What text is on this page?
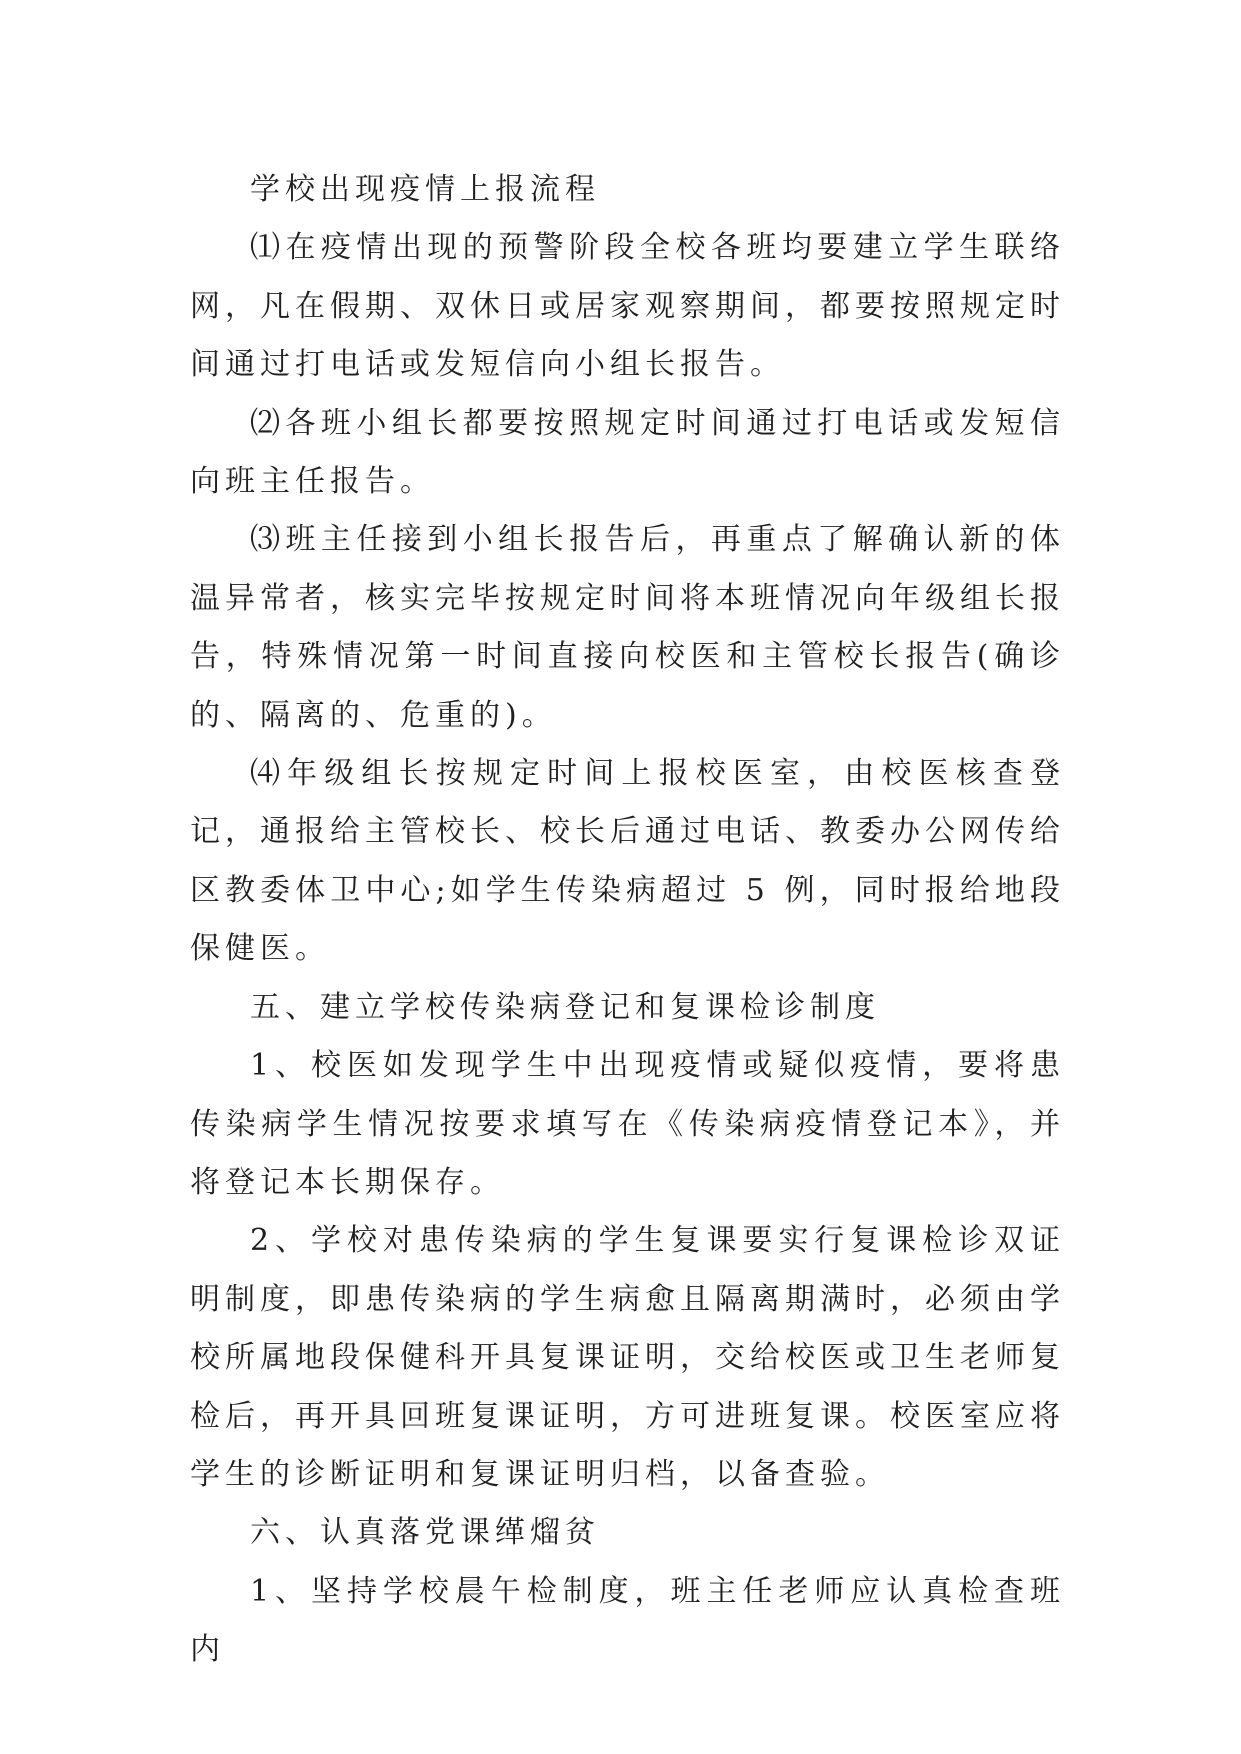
学校出现疫情上报流程

⑴在疫情出现的预警阶段全校各班均要建立学生联络网，凡在假期、双休日或居家观察期间，都要按照规定时间通过打电话或发短信向小组长报告。

⑵各班小组长都要按照规定时间通过打电话或发短信向班主任报告。

⑶班主任接到小组长报告后，再重点了解确认新的体温异常者，核实完毕按规定时间将本班情况向年级组长报告，特殊情况第一时间直接向校医和主管校长报告(确诊的、隔离的、危重的)。

⑷年级组长按规定时间上报校医室，由校医核查登记，通报给主管校长、校长后通过电话、教委办公网传给区教委体卫中心;如学生传染病超过 5 例，同时报给地段保健医。

五、建立学校传染病登记和复课检诊制度

1、校医如发现学生中出现疫情或疑似疫情，要将患传染病学生情况按要求填写在《传染病疫情登记本》，并将登记本长期保存。

2、学校对患传染病的学生复课要实行复课检诊双证明制度，即患传染病的学生病愈且隔离期满时，必须由学校所属地段保健科开具复课证明，交给校医或卫生老师复检后，再开具回班复课证明，方可进班复课。校医室应将学生的诊断证明和复课证明归档，以备查验。

六、认真落党课缂熘贫

1、坚持学校晨午检制度，班主任老师应认真检查班内
